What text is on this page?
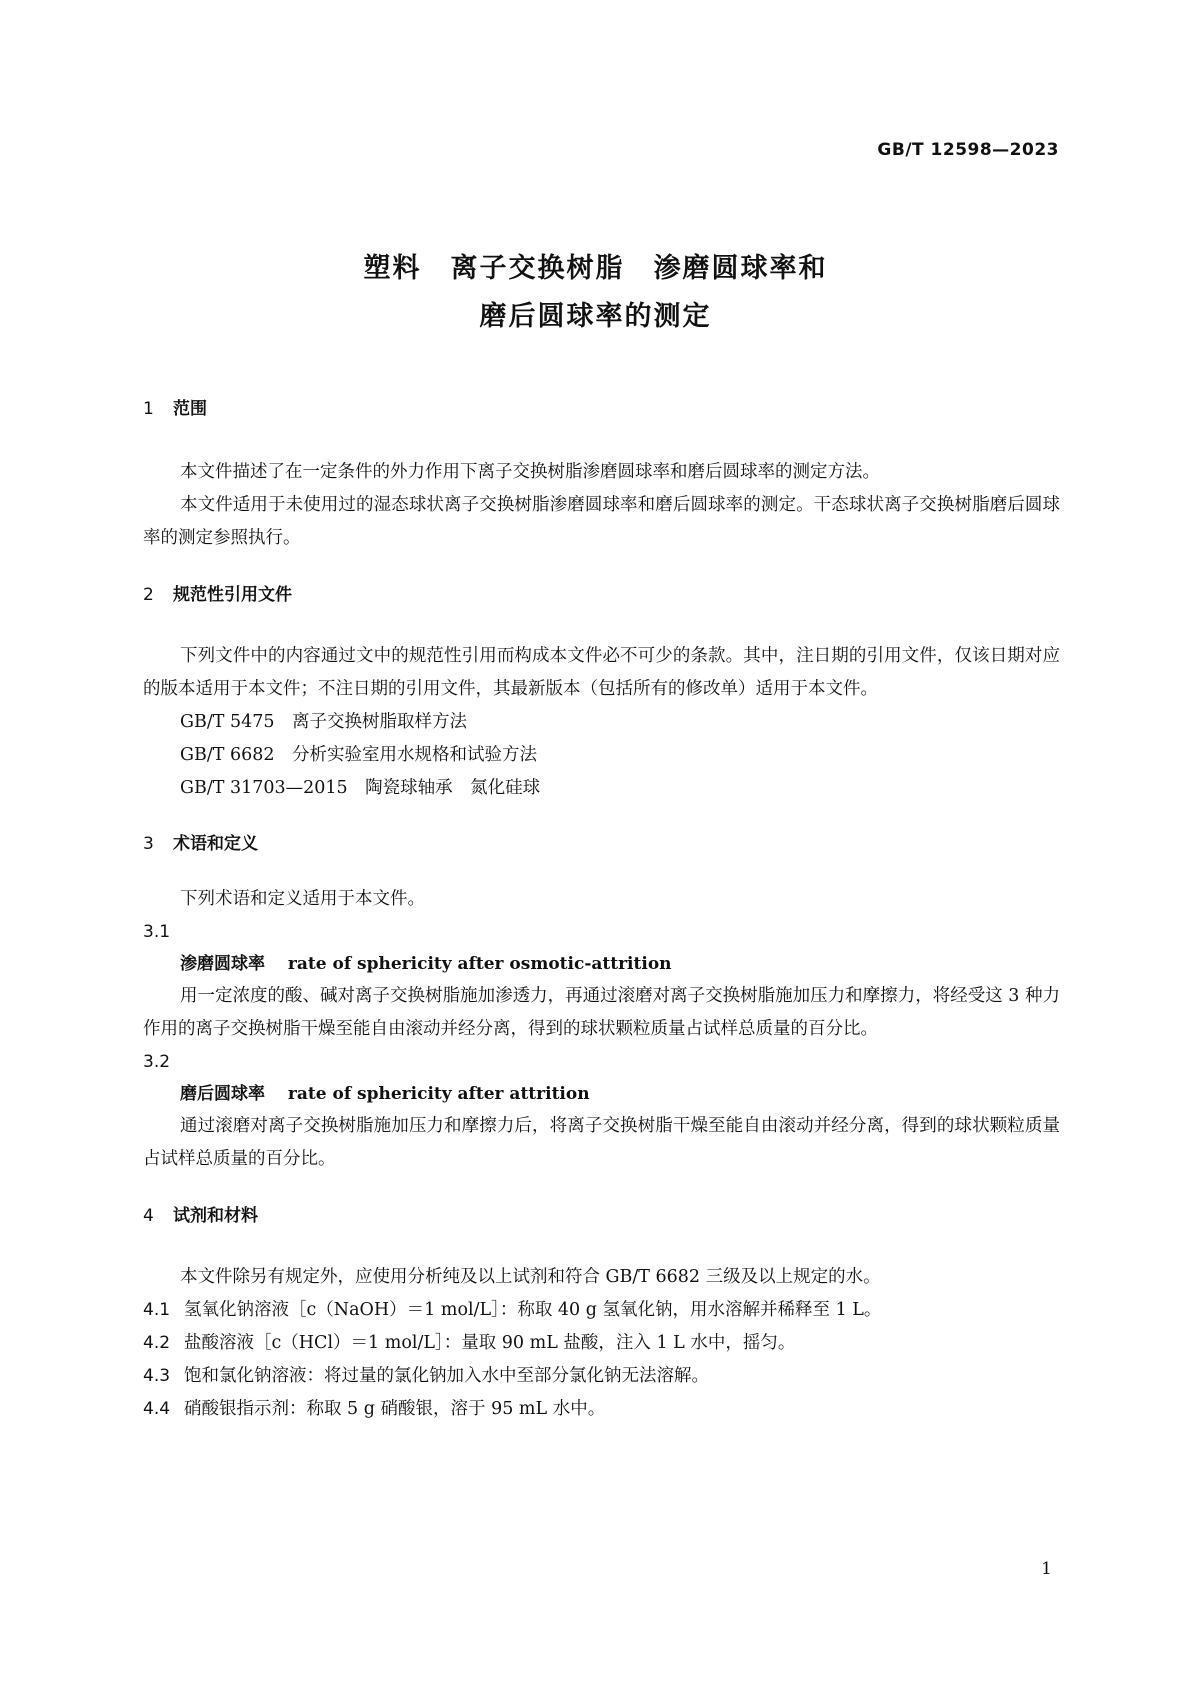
GB/T 12598—2023
塑料　离子交换树脂　渗磨圆球率和
磨后圆球率的测定
1 范围
本文件描述了在一定条件的外力作用下离子交换树脂渗磨圆球率和磨后圆球率的测定方法。
本文件适用于未使用过的湿态球状离子交换树脂渗磨圆球率和磨后圆球率的测定。干态球状离子交换树脂磨后圆球率的测定参照执行。
2 规范性引用文件
下列文件中的内容通过文中的规范性引用而构成本文件必不可少的条款。其中，注日期的引用文件，仅该日期对应的版本适用于本文件；不注日期的引用文件，其最新版本（包括所有的修改单）适用于本文件。
GB/T 5475　离子交换树脂取样方法
GB/T 6682　分析实验室用水规格和试验方法
GB/T 31703—2015　陶瓷球轴承　氮化硅球
3 术语和定义
下列术语和定义适用于本文件。
3.1
渗磨圆球率　 rate of sphericity after osmotic-attrition
用一定浓度的酸、碱对离子交换树脂施加渗透力，再通过滚磨对离子交换树脂施加压力和摩擦力，将经受这 3 种力作用的离子交换树脂干燥至能自由滚动并经分离，得到的球状颗粒质量占试样总质量的百分比。
3.2
磨后圆球率　 rate of sphericity after attrition
通过滚磨对离子交换树脂施加压力和摩擦力后，将离子交换树脂干燥至能自由滚动并经分离，得到的球状颗粒质量占试样总质量的百分比。
4 试剂和材料
本文件除另有规定外，应使用分析纯及以上试剂和符合 GB/T 6682 三级及以上规定的水。
4.1 氢氧化钠溶液［c（NaOH）＝1 mol/L］：称取 40 g 氢氧化钠，用水溶解并稀释至 1 L。
4.2 盐酸溶液［c（HCl）＝1 mol/L］：量取 90 mL 盐酸，注入 1 L 水中，摇匀。
4.3 饱和氯化钠溶液：将过量的氯化钠加入水中至部分氯化钠无法溶解。
4.4 硝酸银指示剂：称取 5 g 硝酸银，溶于 95 mL 水中。
1
